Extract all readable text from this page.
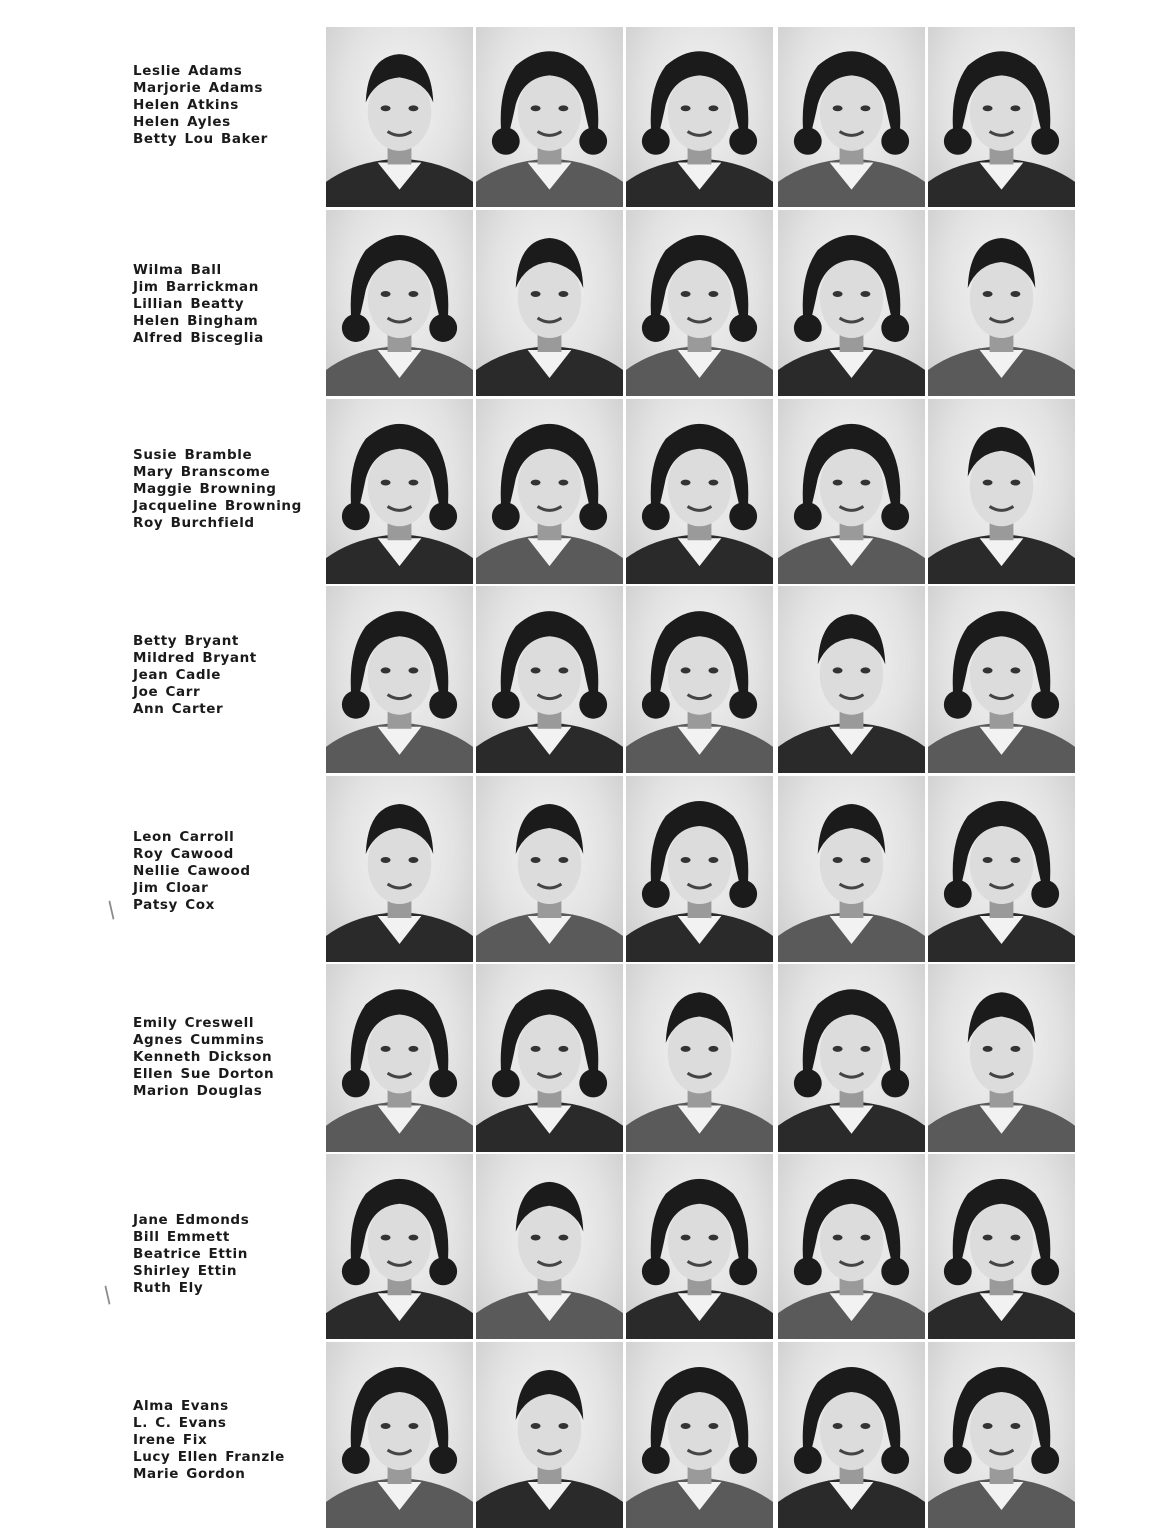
Leslie Adams
Marjorie Adams
Helen Atkins
Helen Ayles
Betty Lou Baker
Wilma Ball
Jim Barrickman
Lillian Beatty
Helen Bingham
Alfred Bisceglia
Susie Bramble
Mary Branscome
Maggie Browning
Jacqueline Browning
Roy Burchfield
Betty Bryant
Mildred Bryant
Jean Cadle
Joe Carr
Ann Carter
Leon Carroll
Roy Cawood
Nellie Cawood
Jim Cloar
Patsy Cox
Emily Creswell
Agnes Cummins
Kenneth Dickson
Ellen Sue Dorton
Marion Douglas
Jane Edmonds
Bill Emmett
Beatrice Ettin
Shirley Ettin
Ruth Ely
Alma Evans
L. C. Evans
Irene Fix
Lucy Ellen Franzle
Marie Gordon
∕
∕
